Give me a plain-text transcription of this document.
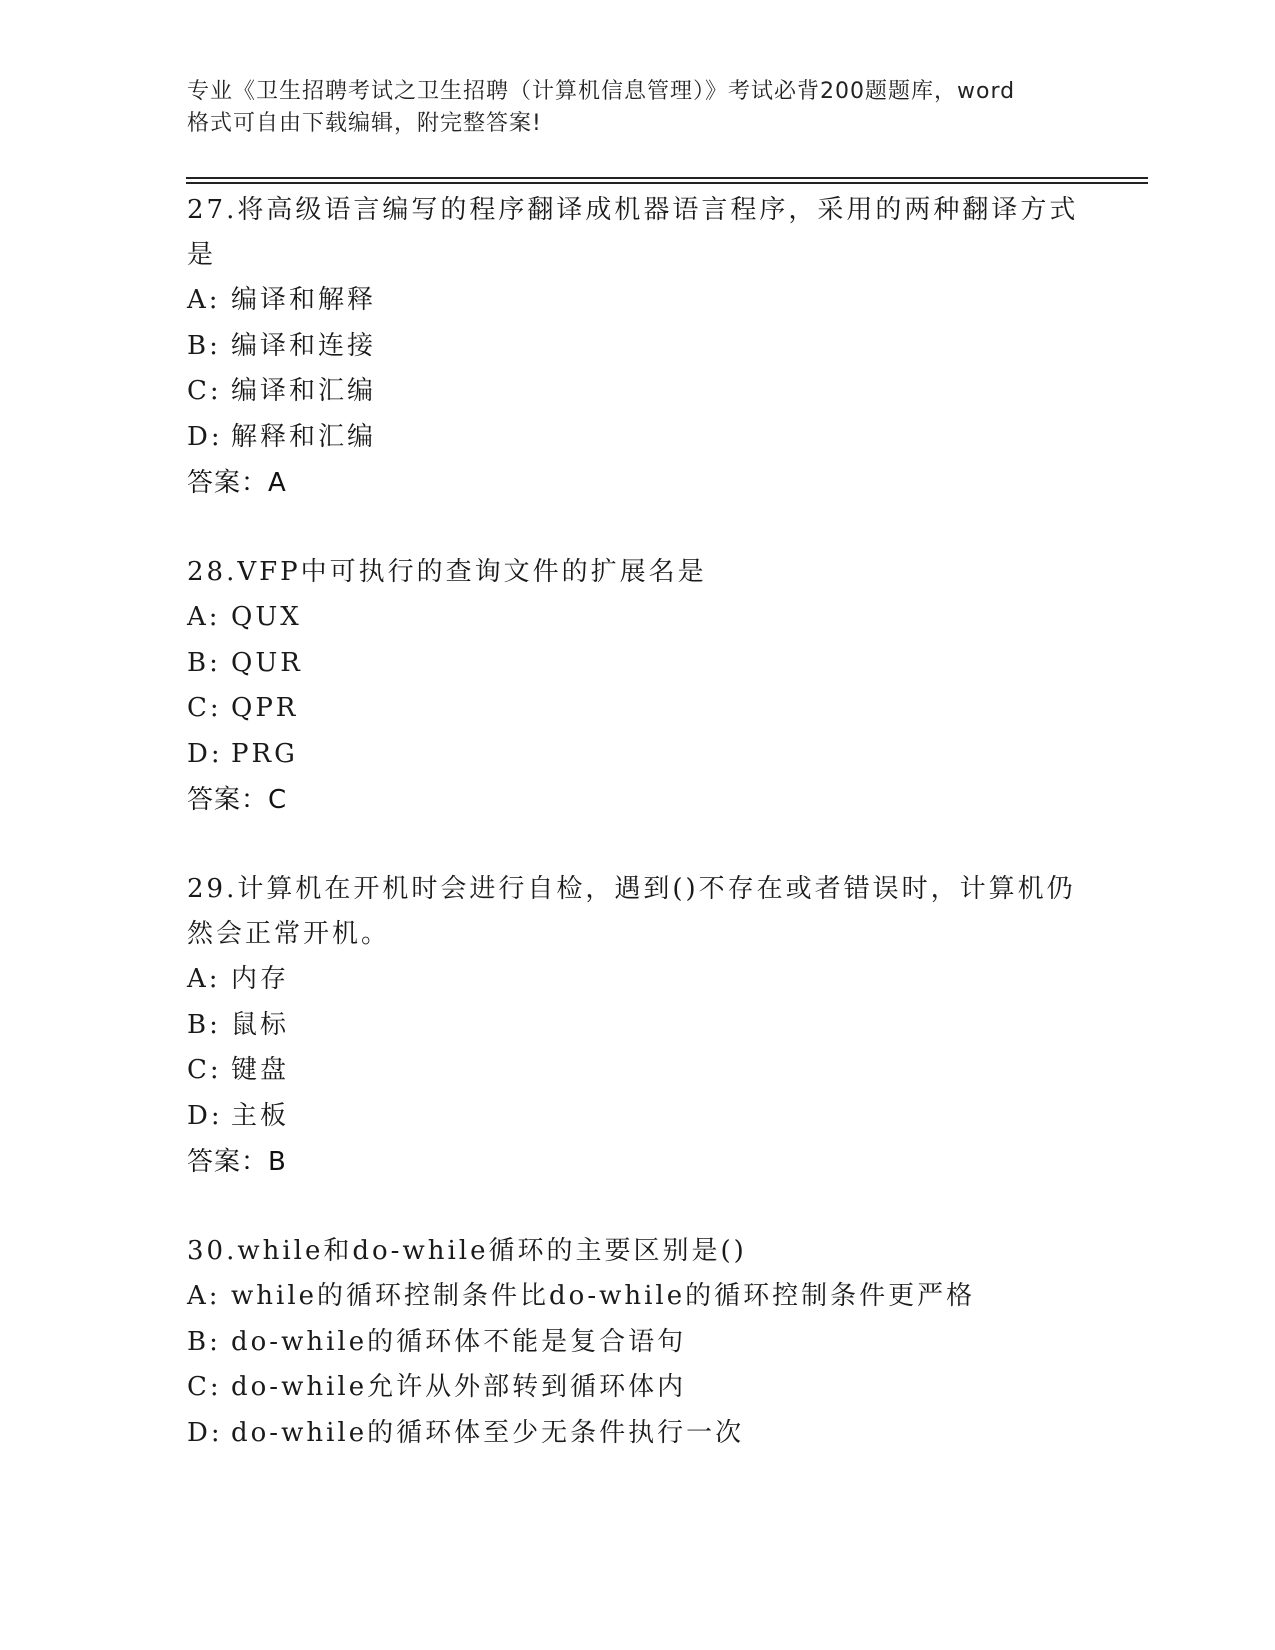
专业《卫生招聘考试之卫生招聘（计算机信息管理）》考试必背200题题库，word
格式可自由下载编辑，附完整答案!

27.将高级语言编写的程序翻译成机器语言程序，采用的两种翻译方式是

A: 编译和解释

B: 编译和连接

C: 编译和汇编

D: 解释和汇编

答案：A

28.VFP中可执行的查询文件的扩展名是

A: QUX

B: QUR

C: QPR

D: PRG

答案：C

29.计算机在开机时会进行自检，遇到()不存在或者错误时，计算机仍然会正常开机。

A: 内存

B: 鼠标

C: 键盘

D: 主板

答案：B

30.while和do-while循环的主要区别是()

A: while的循环控制条件比do-while的循环控制条件更严格

B: do-while的循环体不能是复合语句

C: do-while允许从外部转到循环体内

D: do-while的循环体至少无条件执行一次
